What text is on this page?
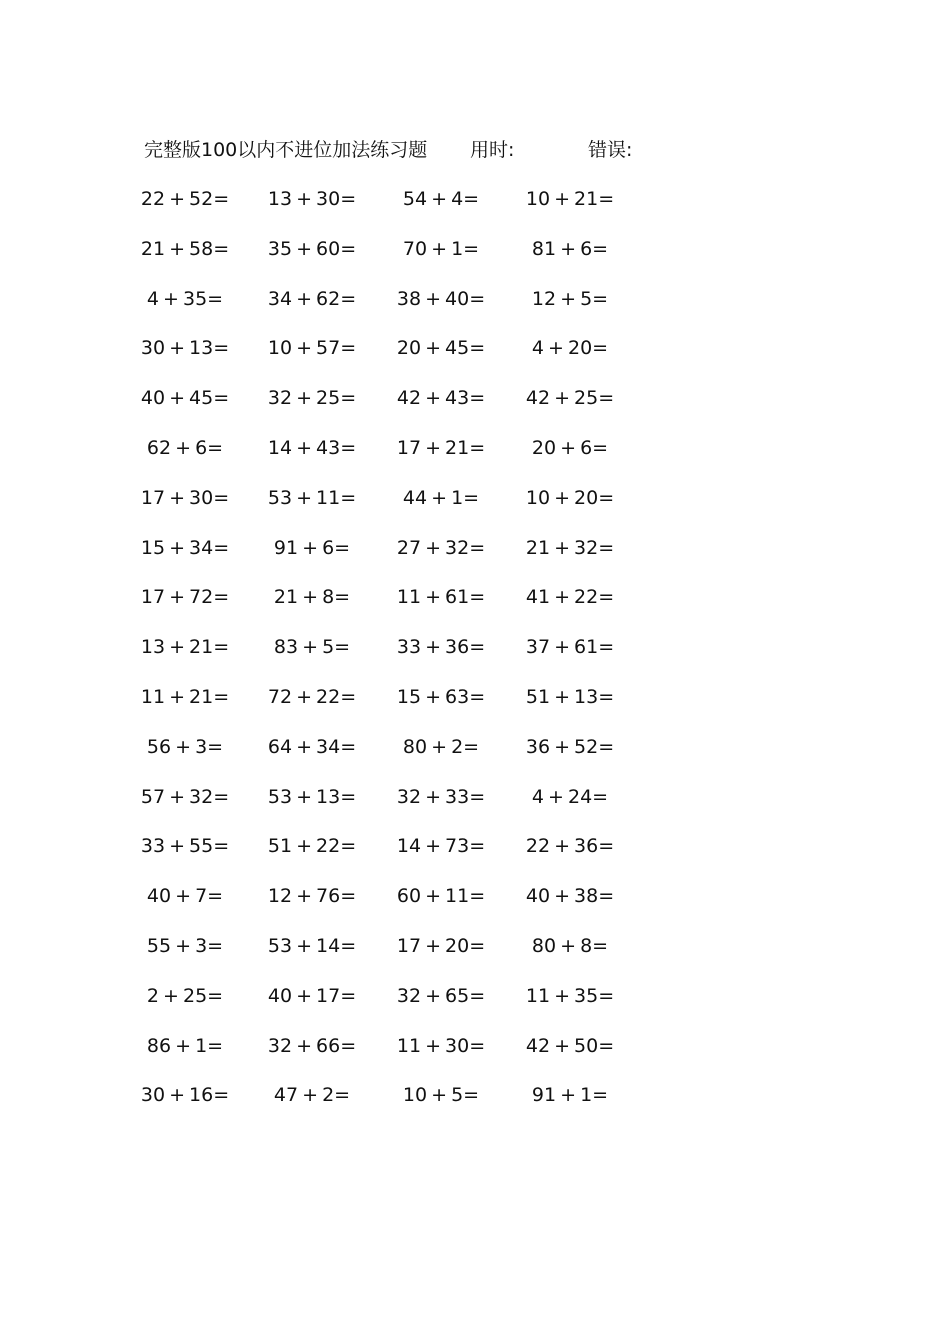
完整版100以内不进位加法练习题 用时:	错误:
22 + 52=	13 + 30=	54 + 4=	10 + 21=
21 + 58=	35 + 60=	70 + 1=	81 + 6=
4 + 35=	34 + 62=	38 + 40=	12 + 5=
30 + 13=	10 + 57=	20 + 45=	4 + 20=
40 + 45=	32 + 25=	42 + 43=	42 + 25=
62 + 6=	14 + 43=	17 + 21=	20 + 6=
17 + 30=	53 + 11=	44 + 1=	10 + 20=
15 + 34=	91 + 6=	27 + 32=	21 + 32=
17 + 72=	21 + 8=	11 + 61=	41 + 22=
13 + 21=	83 + 5=	33 + 36=	37 + 61=
11 + 21=	72 + 22=	15 + 63=	51 + 13=
56 + 3=	64 + 34=	80 + 2=	36 + 52=
57 + 32=	53 + 13=	32 + 33=	4 + 24=
33 + 55=	51 + 22=	14 + 73=	22 + 36=
40 + 7=	12 + 76=	60 + 11=	40 + 38=
55 + 3=	53 + 14=	17 + 20=	80 + 8=
2 + 25=	40 + 17=	32 + 65=	11 + 35=
86 + 1=	32 + 66=	11 + 30=	42 + 50=
30 + 16=	47 + 2=	10 + 5=	91 + 1=
